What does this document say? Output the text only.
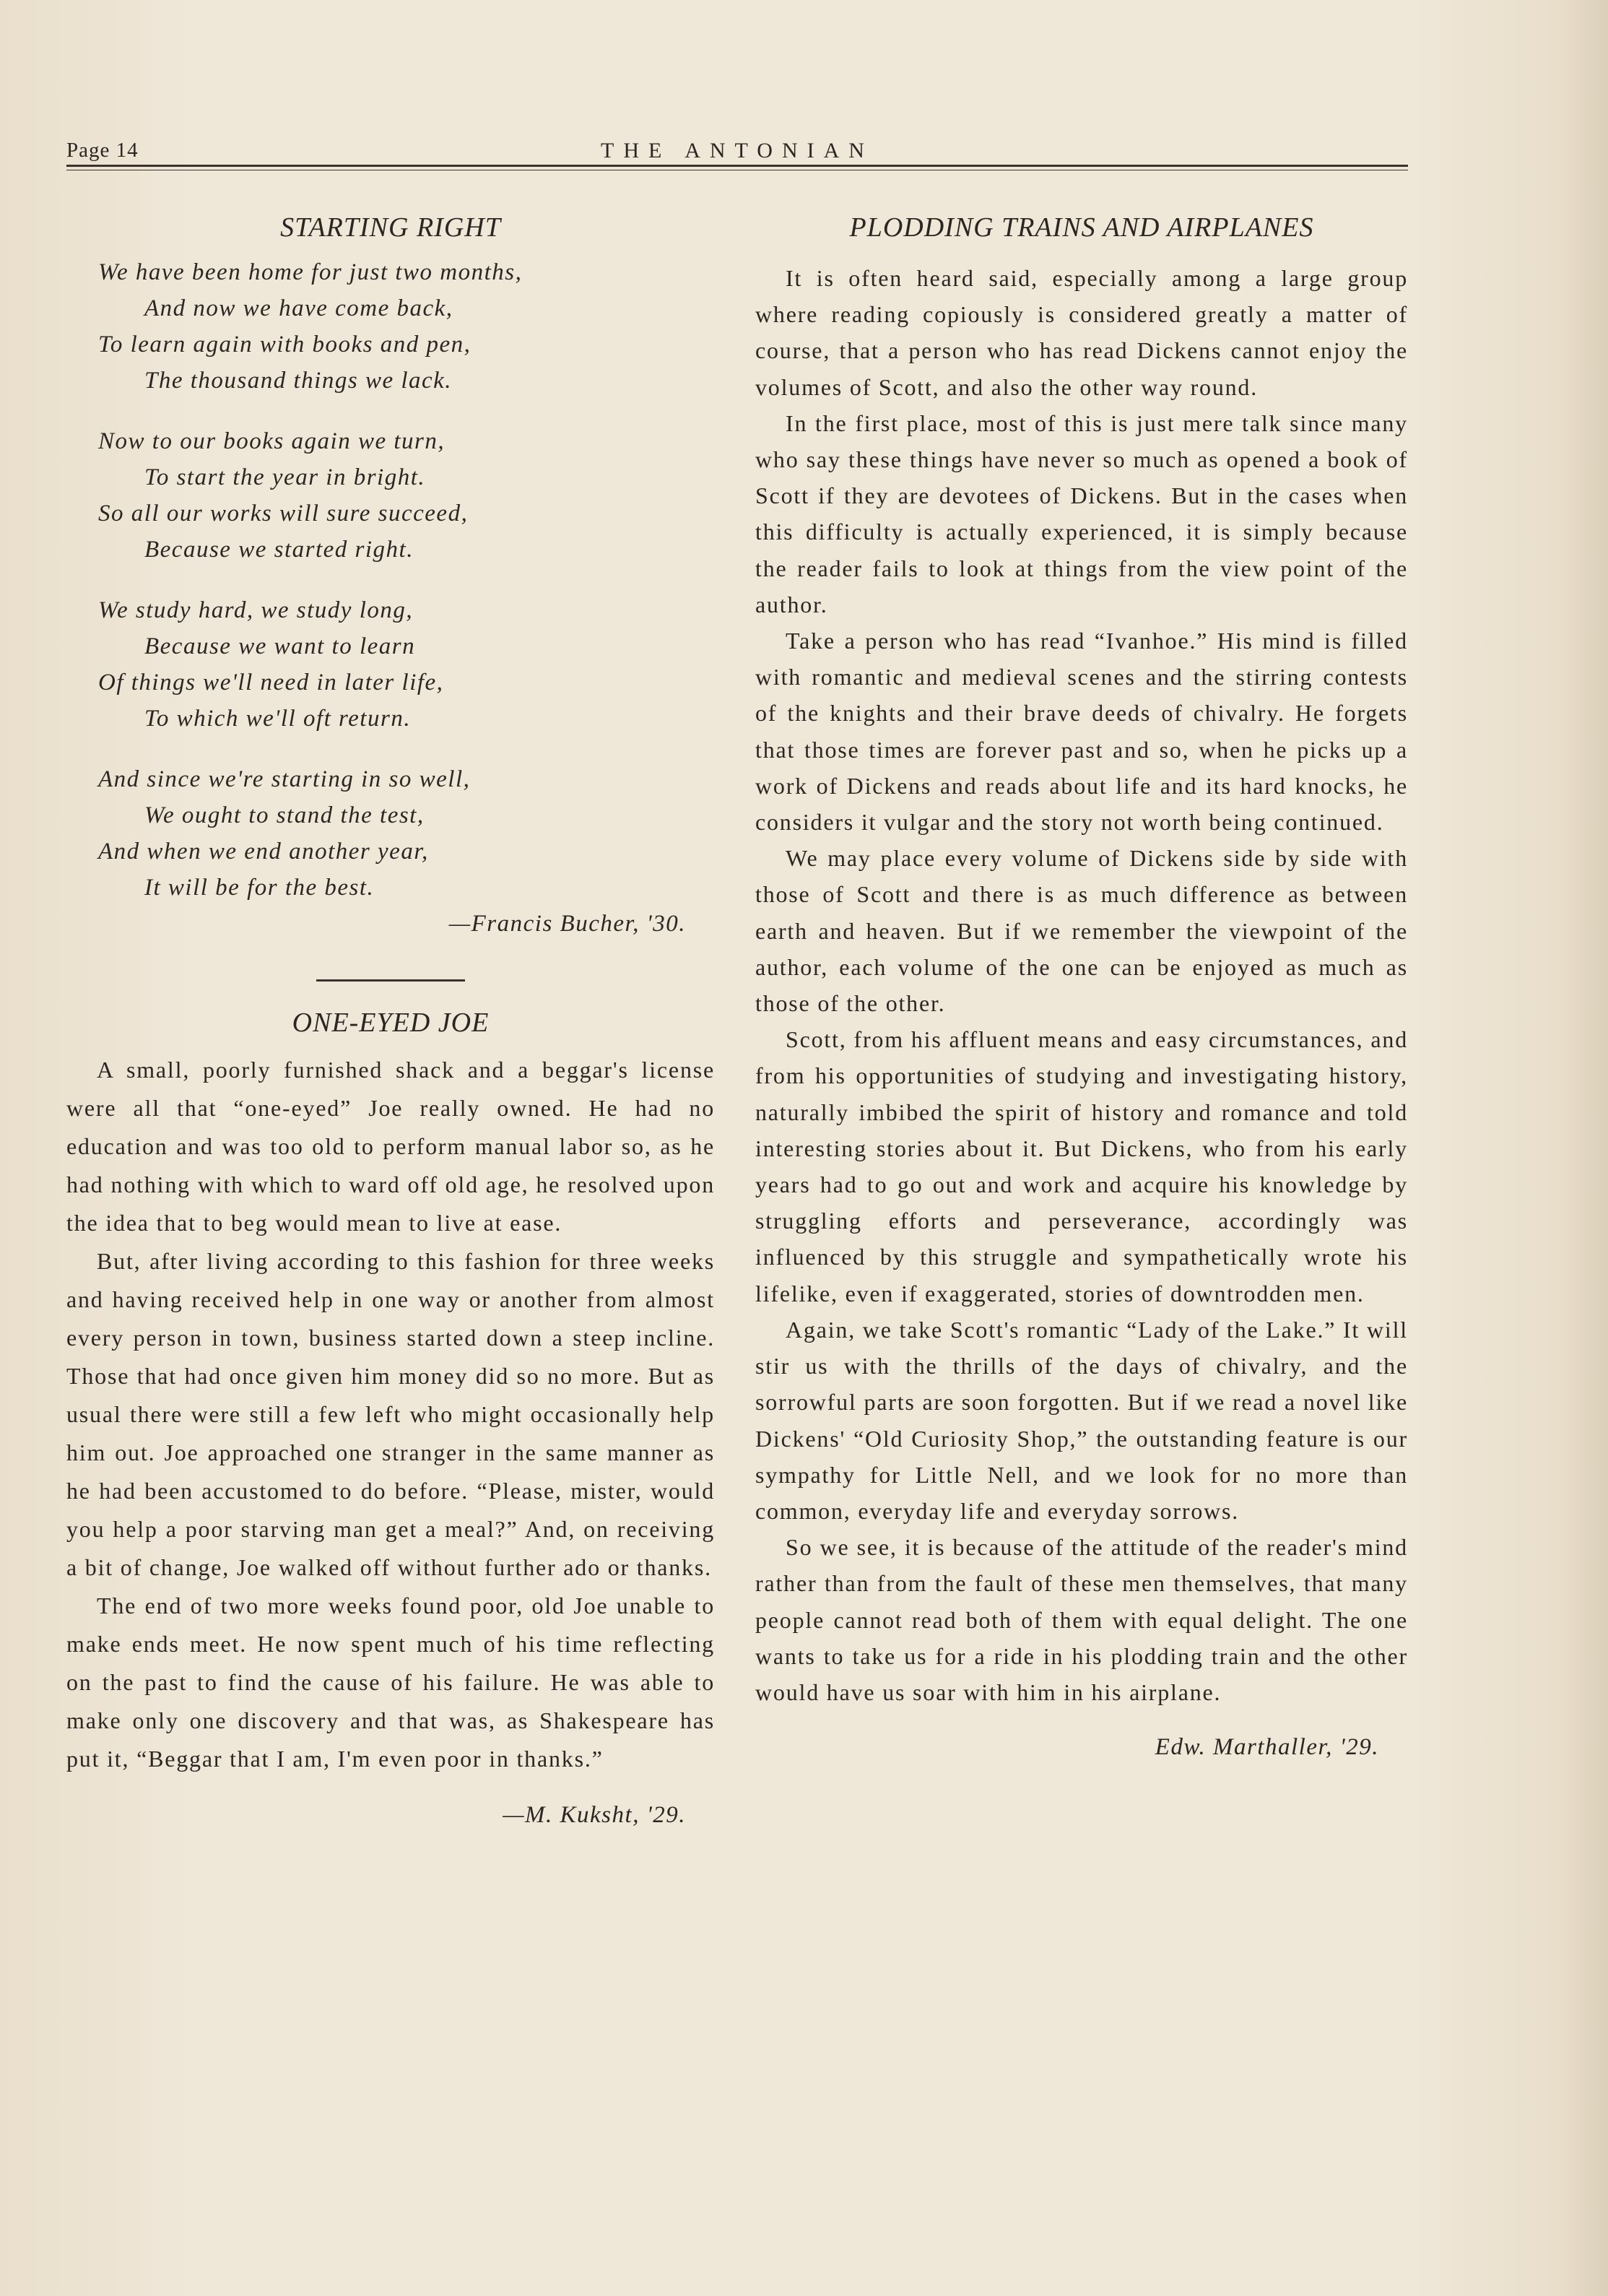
Page 14	THE ANTONIAN
STARTING RIGHT
We have been home for just two months,
And now we have come back,
To learn again with books and pen,
The thousand things we lack.
Now to our books again we turn,
To start the year in bright.
So all our works will sure succeed,
Because we started right.
We study hard, we study long,
Because we want to learn
Of things we'll need in later life,
To which we'll oft return.
And since we're starting in so well,
We ought to stand the test,
And when we end another year,
It will be for the best.
—Francis Bucher, '30.
ONE-EYED JOE

A small, poorly furnished shack and a beggar's license were all that “one-eyed” Joe really owned. He had no education and was too old to perform manual labor so, as he had nothing with which to ward off old age, he resolved upon the idea that to beg would mean to live at ease.

But, after living according to this fashion for three weeks and having received help in one way or another from almost every person in town, business started down a steep incline. Those that had once given him money did so no more. But as usual there were still a few left who might occasionally help him out. Joe approached one stranger in the same manner as he had been accustomed to do before. “Please, mister, would you help a poor starving man get a meal?” And, on receiving a bit of change, Joe walked off without further ado or thanks.

The end of two more weeks found poor, old Joe unable to make ends meet. He now spent much of his time reflecting on the past to find the cause of his failure. He was able to make only one discovery and that was, as Shakespeare has put it, “Beggar that I am, I'm even poor in thanks.”

—M. Kuksht, '29.
PLODDING TRAINS AND AIRPLANES

It is often heard said, especially among a large group where reading copiously is considered greatly a matter of course, that a person who has read Dickens cannot enjoy the volumes of Scott, and also the other way round.

In the first place, most of this is just mere talk since many who say these things have never so much as opened a book of Scott if they are devotees of Dickens. But in the cases when this difficulty is actually experienced, it is simply because the reader fails to look at things from the view point of the author.

Take a person who has read “Ivanhoe.” His mind is filled with romantic and medieval scenes and the stirring contests of the knights and their brave deeds of chivalry. He forgets that those times are forever past and so, when he picks up a work of Dickens and reads about life and its hard knocks, he considers it vulgar and the story not worth being continued.

We may place every volume of Dickens side by side with those of Scott and there is as much difference as between earth and heaven. But if we remember the viewpoint of the author, each volume of the one can be enjoyed as much as those of the other.

Scott, from his affluent means and easy circumstances, and from his opportunities of studying and investigating history, naturally imbibed the spirit of history and romance and told interesting stories about it. But Dickens, who from his early years had to go out and work and acquire his knowledge by struggling efforts and perseverance, accordingly was influenced by this struggle and sympathetically wrote his lifelike, even if exaggerated, stories of downtrodden men.

Again, we take Scott's romantic “Lady of the Lake.” It will stir us with the thrills of the days of chivalry, and the sorrowful parts are soon forgotten. But if we read a novel like Dickens' “Old Curiosity Shop,” the outstanding feature is our sympathy for Little Nell, and we look for no more than common, everyday life and everyday sorrows.

So we see, it is because of the attitude of the reader's mind rather than from the fault of these men themselves, that many people cannot read both of them with equal delight. The one wants to take us for a ride in his plodding train and the other would have us soar with him in his airplane.

Edw. Marthaller, '29.
